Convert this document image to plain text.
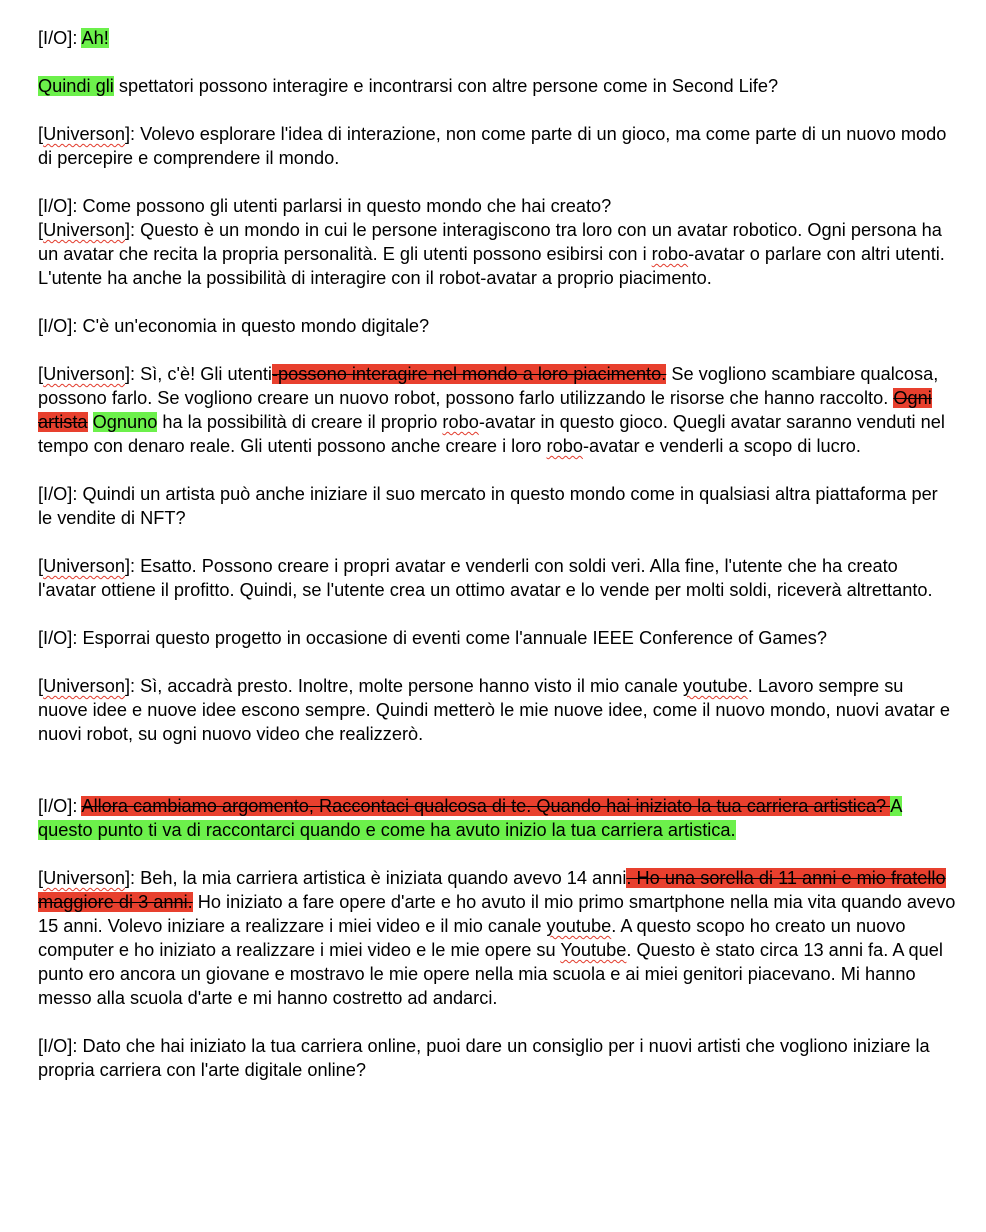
[I/O]: Ah!

Quindi gli spettatori possono interagire e incontrarsi con altre persone come in Second Life?

[Universon]: Volevo esplorare l'idea di interazione, non come parte di un gioco, ma come parte di un nuovo modo di percepire e comprendere il mondo.

[I/O]: Come possono gli utenti parlarsi in questo mondo che hai creato?

[Universon]: Questo è un mondo in cui le persone interagiscono tra loro con un avatar robotico. Ogni persona ha un avatar che recita la propria personalità. E gli utenti possono esibirsi con i robo-avatar o parlare con altri utenti. L'utente ha anche la possibilità di interagire con il robot-avatar a proprio piacimento.

[I/O]: C'è un'economia in questo mondo digitale?

[Universon]: Sì, c'è! Gli utenti-possono interagire nel mondo a loro piacimento. Se vogliono scambiare qualcosa, possono farlo. Se vogliono creare un nuovo robot, possono farlo utilizzando le risorse che hanno raccolto. Ogni artista Ognuno ha la possibilità di creare il proprio robo-avatar in questo gioco. Quegli avatar saranno venduti nel tempo con denaro reale. Gli utenti possono anche creare i loro robo-avatar e venderli a scopo di lucro.

[I/O]: Quindi un artista può anche iniziare il suo mercato in questo mondo come in qualsiasi altra piattaforma per le vendite di NFT?

[Universon]: Esatto. Possono creare i propri avatar e venderli con soldi veri. Alla fine, l'utente che ha creato l'avatar ottiene il profitto. Quindi, se l'utente crea un ottimo avatar e lo vende per molti soldi, riceverà altrettanto.

[I/O]: Esporrai questo progetto in occasione di eventi come l'annuale IEEE Conference of Games?

[Universon]: Sì, accadrà presto. Inoltre, molte persone hanno visto il mio canale youtube. Lavoro sempre su nuove idee e nuove idee escono sempre. Quindi metterò le mie nuove idee, come il nuovo mondo, nuovi avatar e nuovi robot, su ogni nuovo video che realizzerò.

[I/O]: Allora cambiamo argomento, Raccontaci qualcosa di te. Quando hai iniziato la tua carriera artistica? A questo punto ti va di raccontarci quando e come ha avuto inizio la tua carriera artistica.

[Universon]: Beh, la mia carriera artistica è iniziata quando avevo 14 anni. Ho una sorella di 11 anni e mio fratello maggiore di 3 anni. Ho iniziato a fare opere d'arte e ho avuto il mio primo smartphone nella mia vita quando avevo 15 anni. Volevo iniziare a realizzare i miei video e il mio canale youtube. A questo scopo ho creato un nuovo computer e ho iniziato a realizzare i miei video e le mie opere su Youtube. Questo è stato circa 13 anni fa. A quel punto ero ancora un giovane e mostravo le mie opere nella mia scuola e ai miei genitori piacevano. Mi hanno messo alla scuola d'arte e mi hanno costretto ad andarci.

[I/O]: Dato che hai iniziato la tua carriera online, puoi dare un consiglio per i nuovi artisti che vogliono iniziare la propria carriera con l'arte digitale online?
